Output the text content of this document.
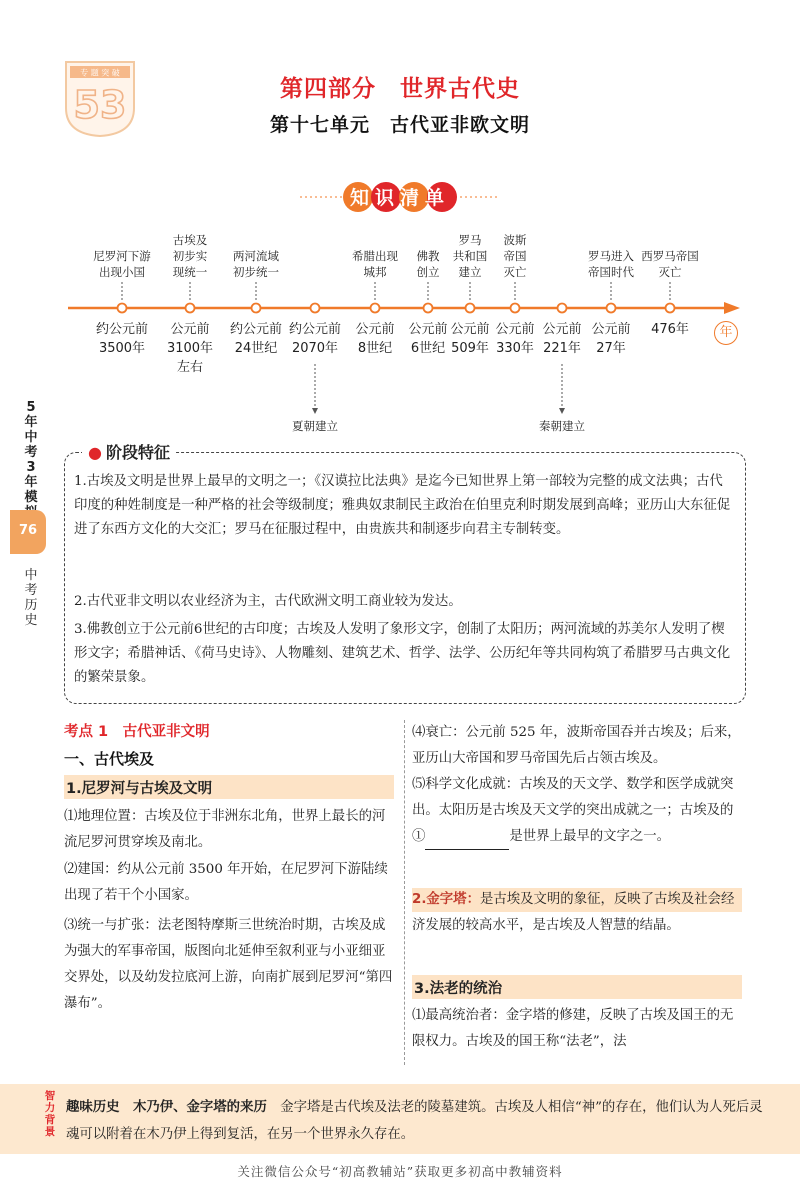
专 题 突 破
53	第四部分　世界古代史
第十七单元　古代亚非欧文明
知识清单
年
尼罗河下游
出现小国
约公元前
3500年
古埃及
初步实
现统一
公元前
3100年
左右
两河流域
初步统一
约公元前
24世纪
约公元前
2070年
希腊出现
城邦
公元前
8世纪
佛教
创立
公元前
6世纪
罗马
共和国
建立
公元前
509年
波斯
帝国
灭亡
公元前
330年
公元前
221年
罗马进入
帝国时代
公元前
27年
西罗马帝国
灭亡
476年
夏朝建立	秦朝建立
5年中考3年模
76
中考历史
● 阶段特征
1.古埃及文明是世界上最早的文明之一；《汉谟拉比法典》是迄今已知世界上第一部较为完整的成文法典；古代印度的种姓制度是一种严格的社会等级制度；雅典奴隶制民主政治在伯里克利时期发展到高峰；亚历山大东征促进了东西方文化的大交汇；罗马在征服过程中，由贵族共和制逐步向君主专制转变。
2.古代亚非文明以农业经济为主，古代欧洲文明工商业较为发达。
3.佛教创立于公元前6世纪的古印度；古埃及人发明了象形文字，创制了太阳历；两河流域的苏美尔人发明了楔形文字；希腊神话、《荷马史诗》、人物雕刻、建筑艺术、哲学、法学、公历纪年等共同构筑了希腊罗马古典文化的繁荣景象。
考点 1　古代亚非文明
一、古代埃及
1.尼罗河与古埃及文明
⑴地理位置：古埃及位于非洲东北角，世界上最长的河流尼罗河贯穿埃及南北。
⑵建国：约从公元前 3500 年开始，在尼罗河下游陆续出现了若干个小国家。
⑶统一与扩张：法老图特摩斯三世统治时期，古埃及成为强大的军事帝国，版图向北延伸至叙利亚与小亚细亚交界处，以及幼发拉底河上游，向南扩展到尼罗河“第四瀑布”。
⑷衰亡：公元前 525 年，波斯帝国吞并古埃及；后来，亚历山大帝国和罗马帝国先后占领古埃及。
⑸科学文化成就：古埃及的天文学、数学和医学成就突出。太阳历是古埃及天文学的突出成就之一；古埃及的①	是世界上最早的文字之一。
2.金字塔：是古埃及文明的象征，反映了古埃及社会经济发展的较高水平，是古埃及人智慧的结晶。
3.法老的统治
⑴最高统治者：金字塔的修建，反映了古埃及国王的无限权力。古埃及的国王称“法老”，法
智力背景
趣味历史　木乃伊、金字塔的来历　金字塔是古代埃及法老的陵墓建筑。古埃及人相信“神”的存在，他们认为人死后灵魂可以附着在木乃伊上得到复活，在另一个世界永久存在。
关注微信公众号“初高教辅站”获取更多初高中教辅资料
